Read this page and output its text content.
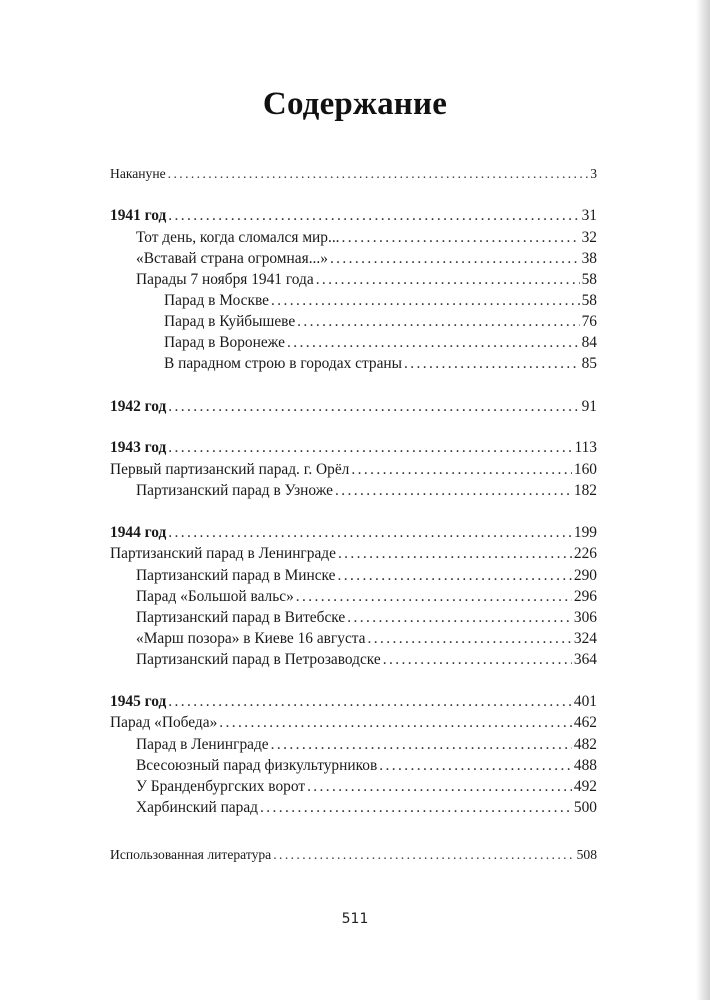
Содержание
Накануне .....	3
1941 год .....	31
Тот день, когда сломался мир... .....	32
«Вставай страна огромная...» .....	38
Парады 7 ноября 1941 года .....	58
Парад в Москве .....	58
Парад в Куйбышеве .....	76
Парад в Воронеже .....	84
В парадном строю в городах страны .....	85
1942 год .....	91
1943 год .....	113
Первый партизанский парад. г. Орёл .....	160
Партизанский парад в Узноже .....	182
1944 год .....	199
Партизанский парад в Ленинграде .....	226
Партизанский парад в Минске .....	290
Парад «Большой вальс» .....	296
Партизанский парад в Витебске .....	306
«Марш позора» в Киеве 16 августа .....	324
Партизанский парад в Петрозаводске .....	364
1945 год .....	401
Парад «Победа» .....	462
Парад в Ленинграде .....	482
Всесоюзный парад физкультурников .....	488
У Бранденбургских ворот .....	492
Харбинский парад .....	500
Использованная литература .....	508
511
